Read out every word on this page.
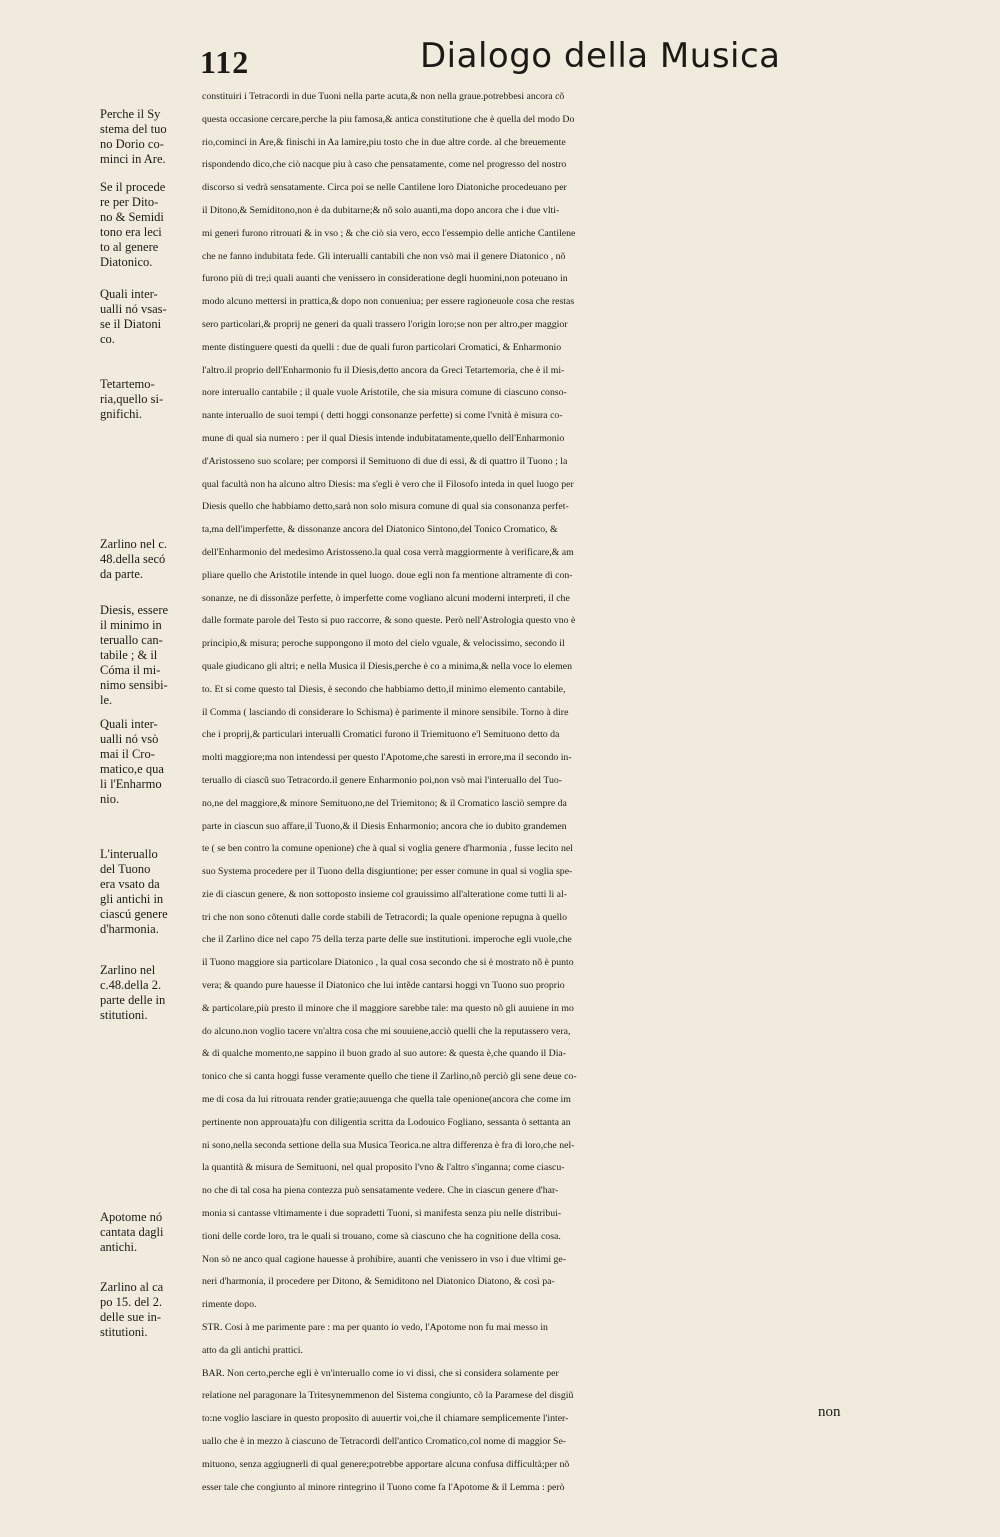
112	Dialogo della Musica
Perche il Sy
stema del tuo
no Dorio co-
minci in Are.
Se il procede
re per Dito-
no & Semidi
tono era leci
to al genere
Diatonico.
Quali inter-
ualli nó vsas-
se il Diatoni
co.
Tetartemo-
ria,quello si-
gnifichi.
Zarlino nel c.
48.della secó
da parte.
Diesis, essere
il minimo in
teruallo can-
tabile ; & il
Cóma il mi-
nimo sensibi-
le.
Quali inter-
ualli nó vsò
mai il Cro-
matico,e qua
li l'Enharmo
nio.
L'interuallo
del Tuono
era vsato da
gli antichi in
ciascú genere
d'harmonia.
Zarlino nel
c.48.della 2.
parte delle in
stitutioni.
Apotome nó
cantata dagli
antichi.
Zarlino al ca
po 15. del 2.
delle sue in-
stitutioni.
constituiri i Tetracordi in due Tuoni nella parte acuta,& non nella graue.potrebbesi ancora cõ
questa occasione cercare,perche la piu famosa,& antica constitutione che è quella del modo Do
rio,cominci in Are,& finischi in Aa lamire,piu tosto che in due altre corde. al che breuemente
rispondendo dico,che ciò nacque piu à caso che pensatamente, come nel progresso del nostro
discorso si vedrà sensatamente. Circa poi se nelle Cantilene loro Diatoniche procedeuano per
il Ditono,& Semiditono,non è da dubitarne;& nõ solo auanti,ma dopo ancora che i due vlti-
mi generi furono ritrouati & in vso ; & che ciò sia vero, ecco l'essempio delle antiche Cantilene
che ne fanno indubitata fede. Gli interualli cantabili che non vsò mai il genere Diatonico , nõ
furono più di tre;i quali auanti che venissero in consideratione degli huomini,non poteuano in
modo alcuno mettersi in prattica,& dopo non conueniua; per essere ragioneuole cosa che restas
sero particolari,& proprij ne generi da quali trassero l'origin loro;se non per altro,per maggior
mente distinguere questi da quelli : due de quali furon particolari Cromatici, & Enharmonio
l'altro.il proprio dell'Enharmonio fu il Diesis,detto ancora da Greci Tetartemoria, che è il mi-
nore interuallo cantabile ; il quale vuole Aristotile, che sia misura comune di ciascuno conso-
nante interuallo de suoi tempi ( detti hoggi consonanze perfette) si come l'vnità è misura co-
mune di qual sia numero : per il qual Diesis intende indubitatamente,quello dell'Enharmonio
d'Aristosseno suo scolare; per comporsi il Semituono di due di essi, & di quattro il Tuono ; la
qual facultà non ha alcuno altro Diesis: ma s'egli è vero che il Filosofo inteda in quel luogo per
Diesis quello che habbiamo detto,sarà non solo misura comune di qual sia consonanza perfet-
ta,ma dell'imperfette, & dissonanze ancora del Diatonico Sintono,del Tonico Cromatico, &
dell'Enharmonio del medesimo Aristosseno.la qual cosa verrà maggiormente à verificare,& am
pliare quello che Aristotile intende in quel luogo. doue egli non fa mentione altramente di con-
sonanze, ne di dissonãze perfette, ò imperfette come vogliano alcuni moderni interpreti, il che
dalle formate parole del Testo si puo raccorre, & sono queste. Però nell'Astrologia questo vno è
principio,& misura; peroche suppongono il moto del cielo vguale, & velocissimo, secondo il
quale giudicano gli altri; e nella Musica il Diesis,perche è co a minima,& nella voce lo elemen
to. Et si come questo tal Diesis, è secondo che habbiamo detto,il minimo elemento cantabile,
il Comma ( lasciando di considerare lo Schisma) è parimente il minore sensibile. Torno à dire
che i proprij,& particulari interualli Cromatici furono il Triemituono e'l Semituono detto da
molti maggiore;ma non intendessi per questo l'Apotome,che saresti in errore,ma il secondo in-
teruallo di ciascũ suo Tetracordo.il genere Enharmonio poi,non vsò mai l'interuallo del Tuo-
no,ne del maggiore,& minore Semituono,ne del Triemitono; & il Cromatico lasciò sempre da
parte in ciascun suo affare,il Tuono,& il Diesis Enharmonio; ancora che io dubito grandemen
te ( se ben contro la comune openione) che à qual si voglia genere d'harmonia , fusse lecito nel
suo Systema procedere per il Tuono della disgiuntione; per esser comune in qual si voglia spe-
zie di ciascun genere, & non sottoposto insieme col grauissimo all'alteratione come tutti li al-
tri che non sono cõtenuti dalle corde stabili de Tetracordi; la quale openione repugna à quello
che il Zarlino dice nel capo 75 della terza parte delle sue institutioni. imperoche egli vuole,che
il Tuono maggiore sia particolare Diatonico , la qual cosa secondo che si è mostrato nõ è punto
vera; & quando pure hauesse il Diatonico che lui intẽde cantarsi hoggi vn Tuono suo proprio
& particolare,più presto il minore che il maggiore sarebbe tale: ma questo nõ gli auuiene in mo
do alcuno.non voglio tacere vn'altra cosa che mi souuiene,acciò quelli che la reputassero vera,
& di qualche momento,ne sappino il buon grado al suo autore: & questa è,che quando il Dia-
tonico che si canta hoggi fusse veramente quello che tiene il Zarlino,nõ perciò gli sene deue co-
me di cosa da lui ritrouata render gratie;auuenga che quella tale openione(ancora che come im
pertinente non approuata)fu con diligentia scritta da Lodouico Fogliano, sessanta ò settanta an
ni sono,nella seconda settione della sua Musica Teorica.ne altra differenza è fra di loro,che nel-
la quantità & misura de Semituoni, nel qual proposito l'vno & l'altro s'inganna; come ciascu-
no che di tal cosa ha piena contezza può sensatamente vedere. Che in ciascun genere d'har-
monia si cantasse vltimamente i due sopradetti Tuoni, si manifesta senza piu nelle distribui-
tioni delle corde loro, tra le quali si trouano, come sà ciascuno che ha cognitione della cosa.
Non sò ne anco qual cagione hauesse à prohibire, auanti che venissero in vso i due vltimi ge-
neri d'harmonia, il procedere per Ditono, & Semiditono nel Diatonico Diatono, & così pa-
rimente dopo.
STR. Cosi à me parimente pare : ma per quanto io vedo, l'Apotome non fu mai messo in
atto da gli antichi prattici.
BAR. Non certo,perche egli è vn'interuallo come io vi dissi, che si considera solamente per
relatione nel paragonare la Tritesynemmenon del Sistema congiunto, cõ la Paramese del disgiũ
to:ne voglio lasciare in questo proposito di auuertir voi,che il chiamare semplicemente l'inter-
uallo che è in mezzo à ciascuno de Tetracordi dell'antico Cromatico,col nome di maggior Se-
mituono, senza aggiugnerli di qual genere;potrebbe apportare alcuna confusa difficultà;per nõ
esser tale che congiunto al minore rintegrino il Tuono come fa l'Apotome & il Lemma : però
non
